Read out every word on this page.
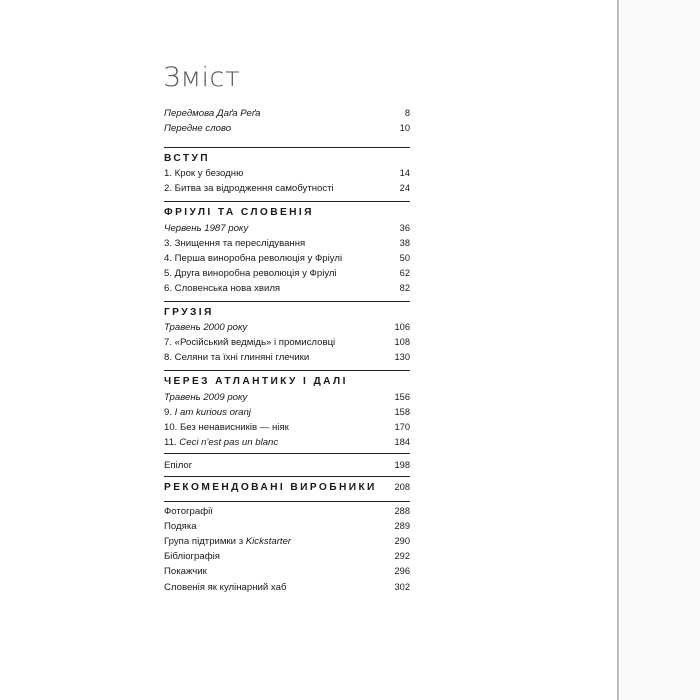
Зміст
Передмова Даґа Реґа	8
Передне слово	10
ВСТУП
1. Крок у безодню	14
2. Битва за відродження самобутності	24
ФРІУЛІ ТА СЛОВЕНІЯ
Червень 1987 року	36
3. Знищення та переслідування	38
4. Перша виноробна революція у Фріулі	50
5. Друга виноробна революція у Фріулі	62
6. Словенська нова хвиля	82
ГРУЗІЯ
Травень 2000 року	106
7. «Російський ведмідь» і промисловці	108
8. Селяни та їхні глиняні глечики	130
ЧЕРЕЗ АТЛАНТИКУ І ДАЛІ
Травень 2009 року	156
9. I am kurious oranj	158
10. Без ненависників — ніяк	170
11. Ceci n'est pas un blanc	184
Епілог	198
РЕКОМЕНДОВАНІ ВИРОБНИКИ 208
Фотографії	288
Подяка	289
Група підтримки з Kickstarter	290
Бібліографія	292
Покажчик	296
Словенія як кулінарний хаб	302
